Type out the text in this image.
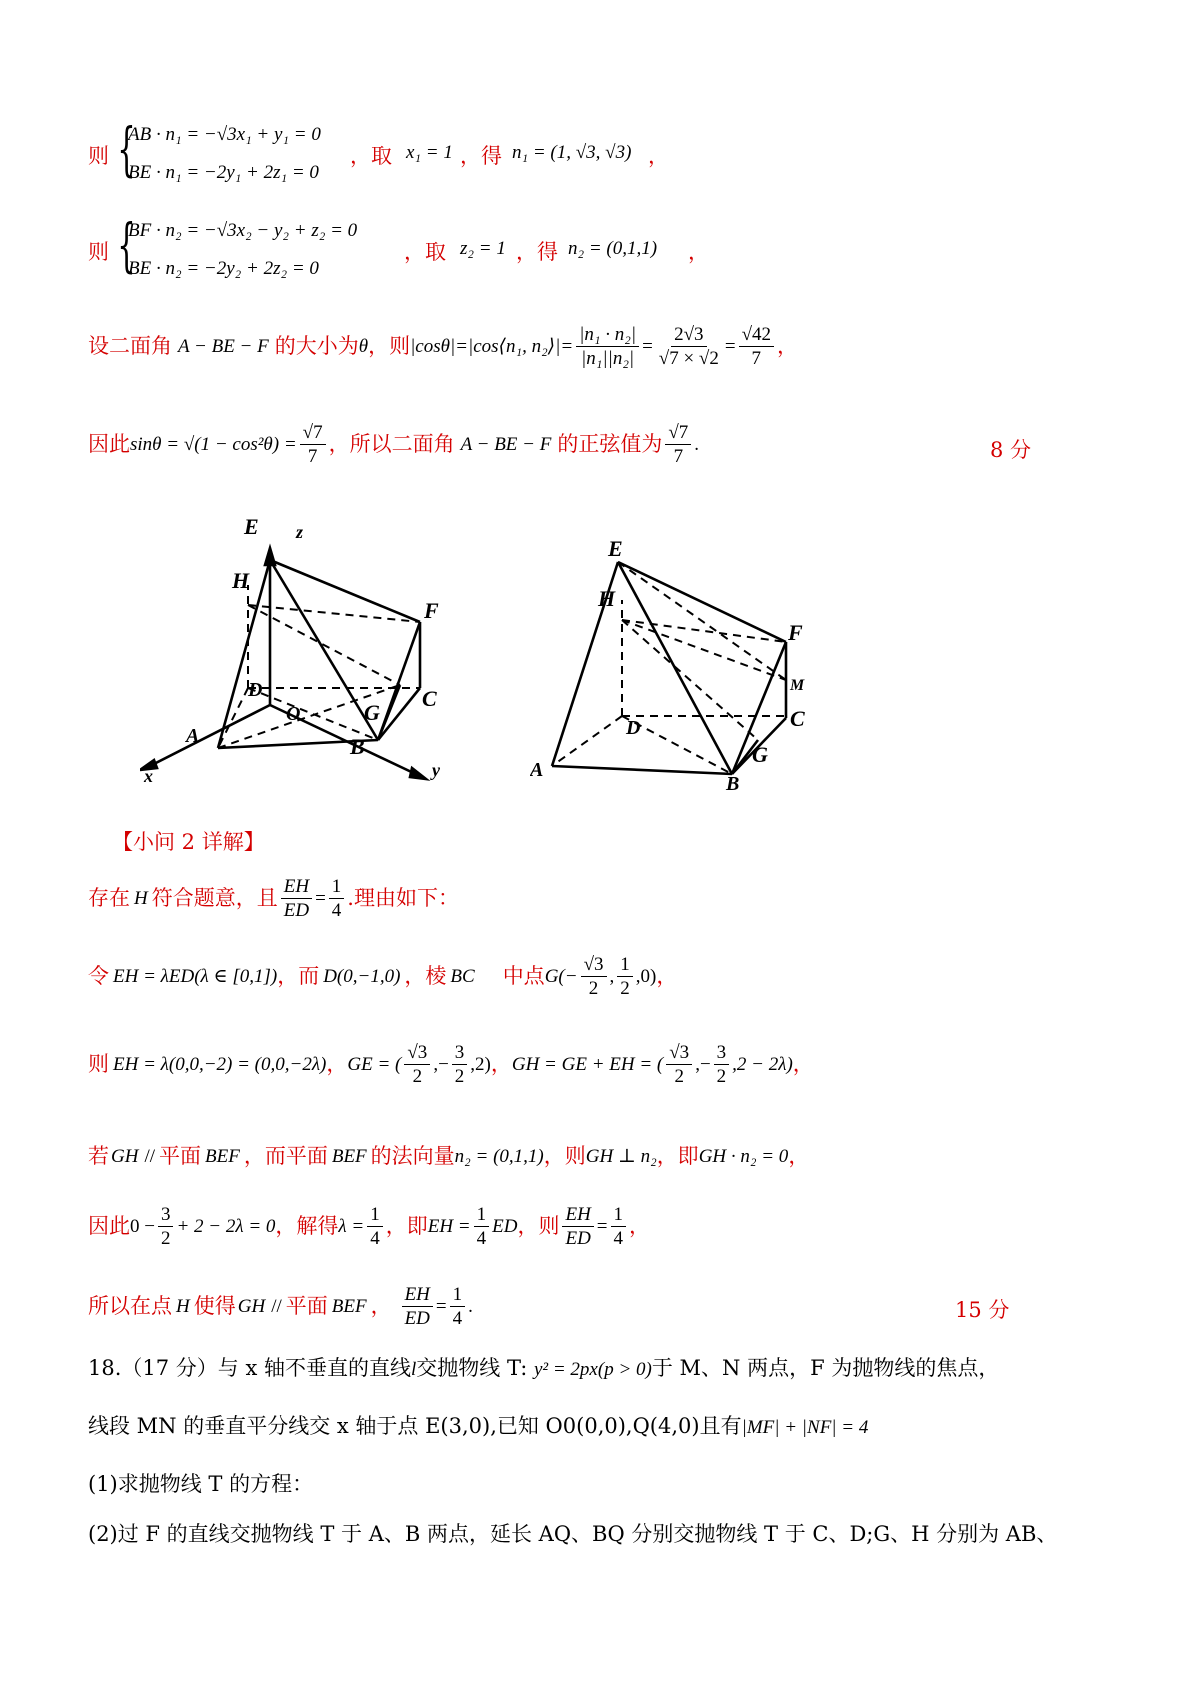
则 {
AB · n₁ = −√3x₁ + y₁ = 0
BE · n₁ = −2y₁ + 2z₁ = 0
，取 x₁ = 1 ，得 n₁ = (1, √3, √3) ，
则 {
BF · n₂ = −√3x₂ − y₂ + z₂ = 0
BE · n₂ = −2y₂ + 2z₂ = 0
，取 z₂ = 1 ，得 n₂ = (0,1,1) ，
设二面角 A − BE − F 的大小为 θ ，则 |cosθ|=|cos⟨n₁, n₂⟩|= $\frac{\text{|n₁ · n₂|}}{\text{|n₁||n₂|}} = \frac{2√3}{√7 \times √2} = \frac{√42}{7}$ ，
因此 $\sin\theta = √(1 - \cos^2\theta) = \frac{√7}{7}$ ，所以二面角 A − BE − F 的正弦值为 $\frac{√7}{7}$ .	8 分
E z
H
F
C
D
O	G
A	B
x	y
E
H
F
M
C
D
G
A
B
【小问 2 详解】
存在 H 符合题意，且 $\frac{EH}{ED} = \frac{1}{4}$ .理由如下：
令 EH = λED(λ ∈ [0,1]) ，而 D(0,−1,0) ，棱 BC 中点 $G(- \frac{√3}{2}$ , $\frac{1}{2} ,0$) ，
则 EH = λ(0,0,−2) = (0,0,−2λ) ， GE = ( $\frac{√3}{2}$ ,− $\frac{3}{2} ,2$) ， GH = GE + EH = ( $\frac{√3}{2}$ ,− $\frac{3}{2} ,2 - 2\lambda$) ，
若 GH // 平面 BEF ，而平面 BEF 的法向量 n₂ = (0,1,1) ，则 GH ⊥ n₂ ，即 GH · n₂ = 0 ，
因此 $0 - \frac{3}{2} + 2 - 2\lambda = 0$ ，解得 $\lambda = \frac{1}{4}$ ，即 EH = $\frac{1}{4}$ ED ，则 $\frac{EH}{ED} = \frac{1}{4}$ ，
所以在点 H 使得 GH // 平面 BEF ， $\frac{EH}{ED} = \frac{1}{4}$ .	15 分
18.（17 分）与 x 轴不垂直的直线l交抛物线 T: y² = 2px(p > 0)于 M、N 两点，F 为抛物线的焦点，
线段 MN 的垂直平分线交 x 轴于点 E(3,0),已知 O0(0,0),Q(4,0)且有|MF| + |NF| = 4
(1)求抛物线 T 的方程：
(2)过 F 的直线交抛物线 T 于 A、B 两点，延长 AQ、BQ 分别交抛物线 T 于 C、D;G、H 分别为 AB、
